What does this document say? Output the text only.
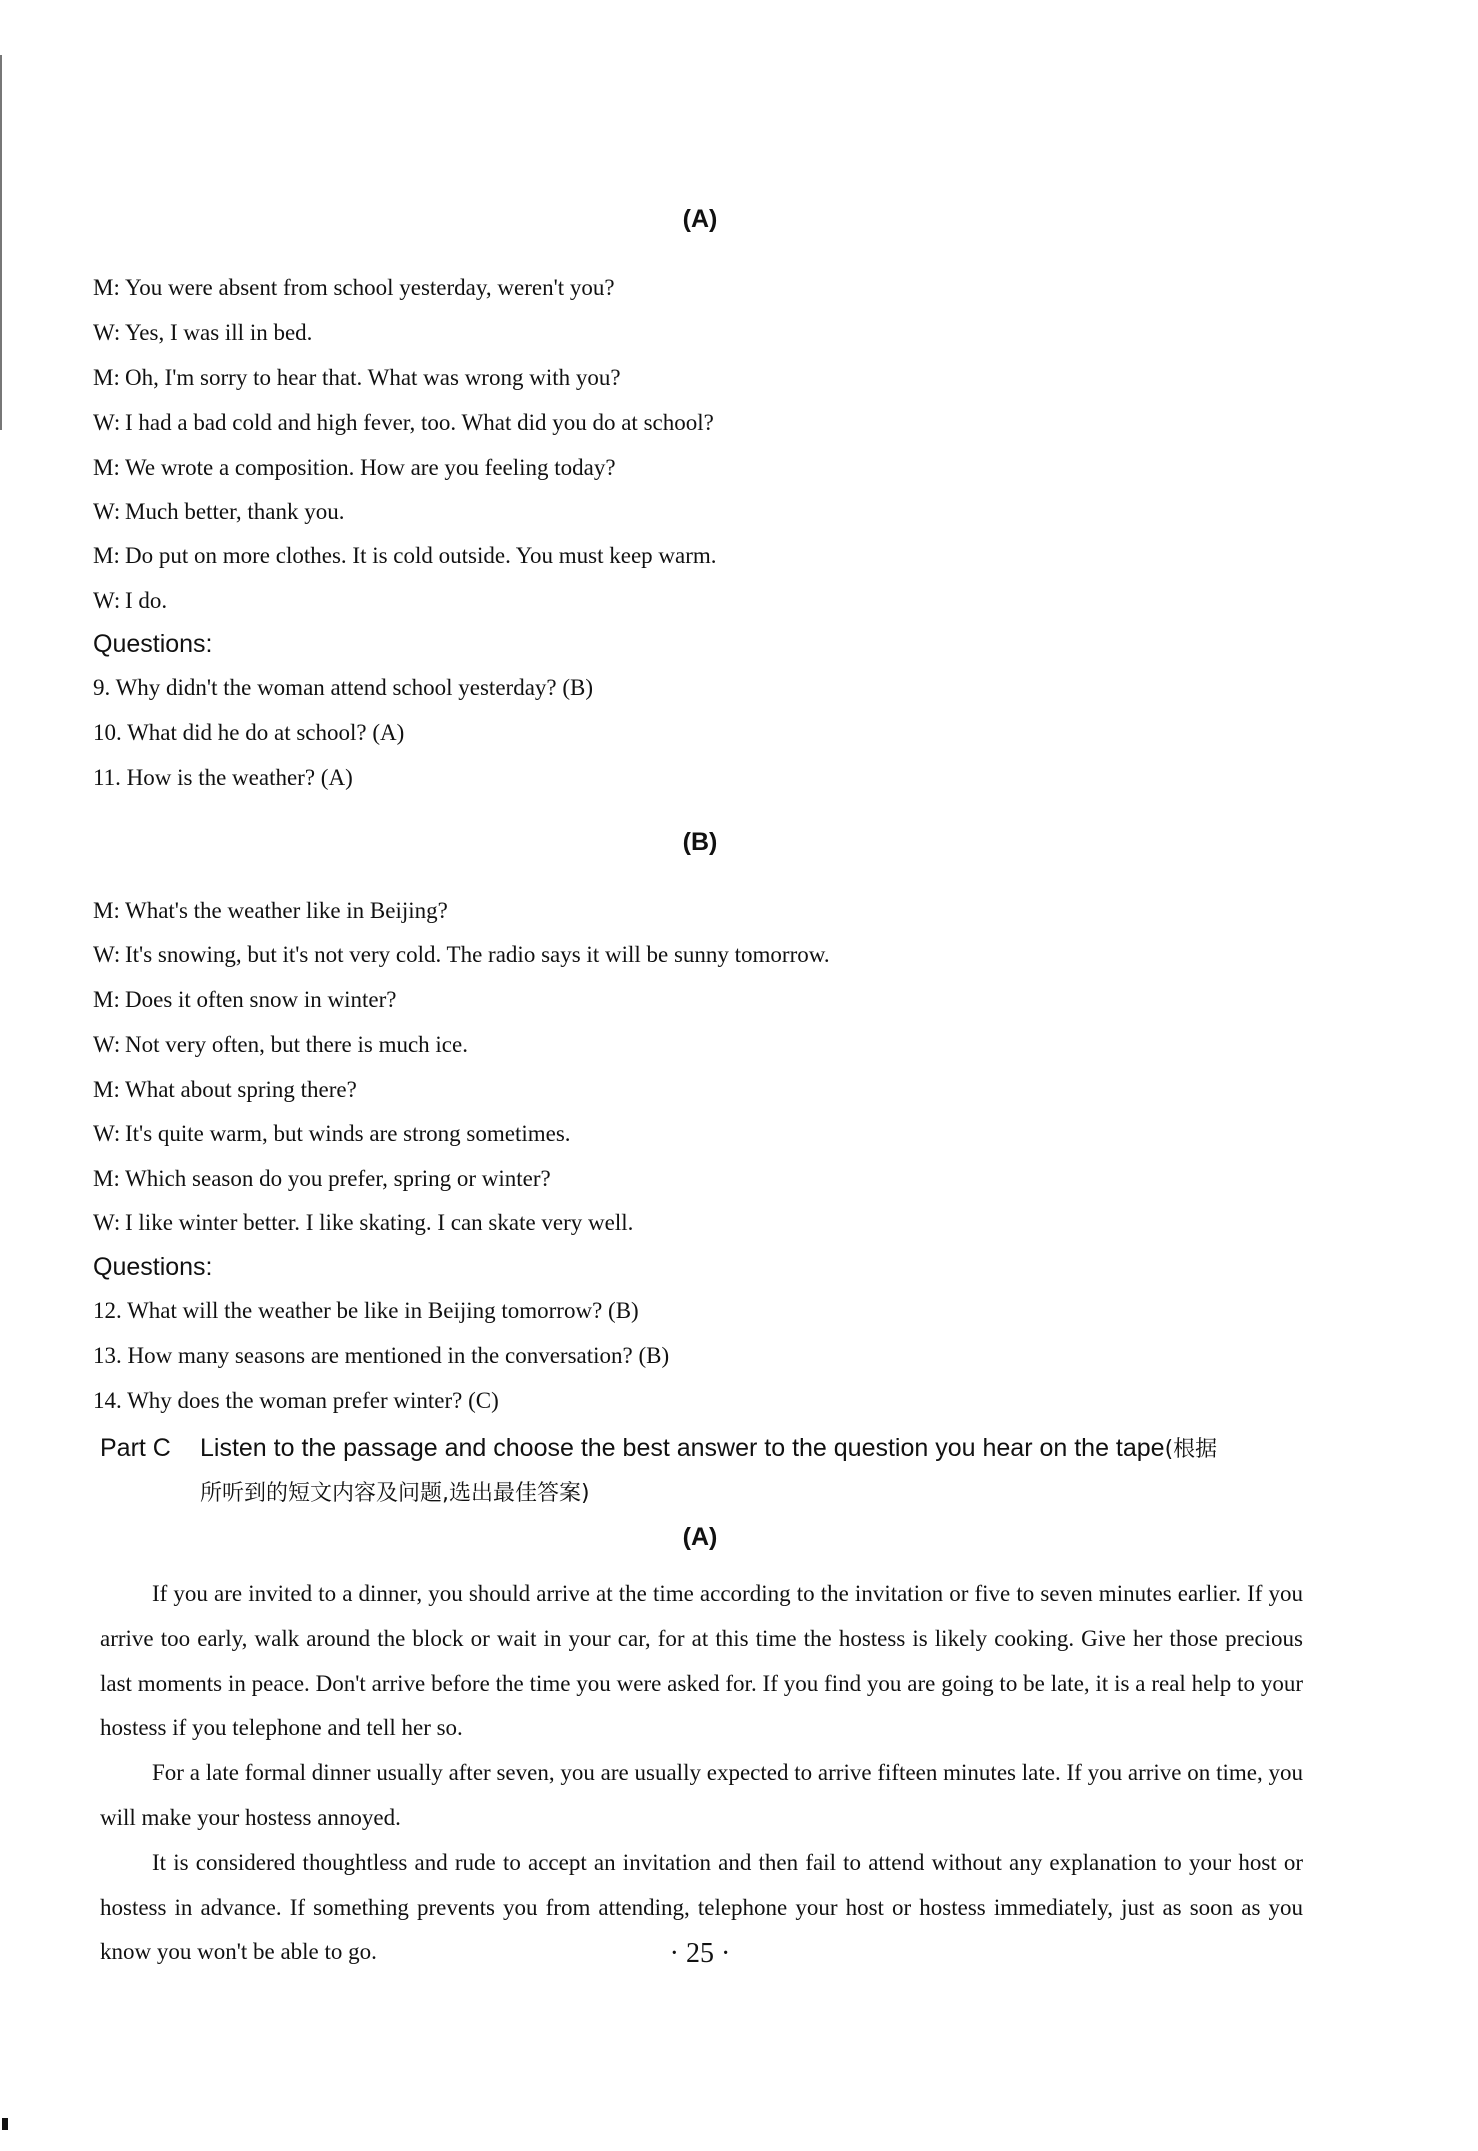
(A)
M: You were absent from school yesterday, weren't you?
W: Yes, I was ill in bed.
M: Oh, I'm sorry to hear that. What was wrong with you?
W: I had a bad cold and high fever, too. What did you do at school?
M: We wrote a composition. How are you feeling today?
W: Much better, thank you.
M: Do put on more clothes. It is cold outside. You must keep warm.
W: I do.
Questions:
9. Why didn't the woman attend school yesterday? (B)
10. What did he do at school? (A)
11. How is the weather? (A)
(B)
M: What's the weather like in Beijing?
W: It's snowing, but it's not very cold. The radio says it will be sunny tomorrow.
M: Does it often snow in winter?
W: Not very often, but there is much ice.
M: What about spring there?
W: It's quite warm, but winds are strong sometimes.
M: Which season do you prefer, spring or winter?
W: I like winter better. I like skating. I can skate very well.
Questions:
12. What will the weather be like in Beijing tomorrow? (B)
13. How many seasons are mentioned in the conversation? (B)
14. Why does the woman prefer winter? (C)
Part C Listen to the passage and choose the best answer to the question you hear on the tape(根据
所听到的短文内容及问题,选出最佳答案)
(A)

If you are invited to a dinner, you should arrive at the time according to the invitation or five to seven minutes earlier. If you arrive too early, walk around the block or wait in your car, for at this time the hostess is likely cooking. Give her those precious last moments in peace. Don't arrive before the time you were asked for. If you find you are going to be late, it is a real help to your hostess if you telephone and tell her so.

For a late formal dinner usually after seven, you are usually expected to arrive fifteen minutes late. If you arrive on time, you will make your hostess annoyed.

It is considered thoughtless and rude to accept an invitation and then fail to attend without any explanation to your host or hostess in advance. If something prevents you from attending, telephone your host or hostess immediately, just as soon as you know you won't be able to go.	· 25 ·
